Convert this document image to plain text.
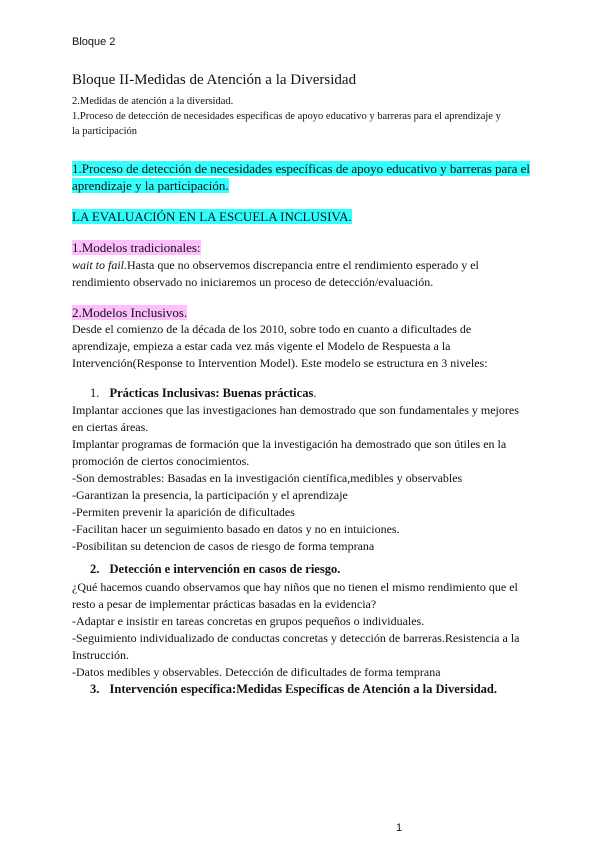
Bloque 2
Bloque II-Medidas de Atención a la Diversidad
2.Medidas de atención a la diversidad.
1.Proceso de detección de necesidades específicas de apoyo educativo y barreras para el aprendizaje y
la participación
1.Proceso de detección de necesidades específicas de apoyo educativo y barreras para el
aprendizaje y la participación.
LA EVALUACIÓN EN LA ESCUELA INCLUSIVA.
1.Modelos tradicionales:
wait to fail.Hasta que no observemos discrepancia entre el rendimiento esperado y el
rendimiento observado no iniciaremos un proceso de detección/evaluación.
2.Modelos Inclusivos.
Desde el comienzo de la década de los 2010, sobre todo en cuanto a dificultades de
aprendizaje, empieza a estar cada vez más vigente el Modelo de Respuesta a la
Intervención(Response to Intervention Model). Este modelo se estructura en 3 niveles:
1. Prácticas Inclusivas: Buenas prácticas.
Implantar acciones que las investigaciones han demostrado que son fundamentales y mejores
en ciertas áreas.
Implantar programas de formación que la investigación ha demostrado que son útiles en la
promoción de ciertos conocimientos.
-Son demostrables: Basadas en la investigación científica,medibles y observables
-Garantizan la presencia, la participación y el aprendizaje
-Permiten prevenir la aparición de dificultades
-Facilitan hacer un seguimiento basado en datos y no en intuiciones.
-Posibilitan su detencion de casos de riesgo de forma temprana
2. Detección e intervención en casos de riesgo.
¿Qué hacemos cuando observamos que hay niños que no tienen el mismo rendimiento que el
resto a pesar de implementar prácticas basadas en la evidencia?
-Adaptar e insistir en tareas concretas en grupos pequeños o individuales.
-Seguimiento individualizado de conductas concretas y detección de barreras.Resistencia a la
Instrucción.
-Datos medibles y observables. Detección de dificultades de forma temprana
3. Intervención específica:Medidas Específicas de Atención a la Diversidad.
1
